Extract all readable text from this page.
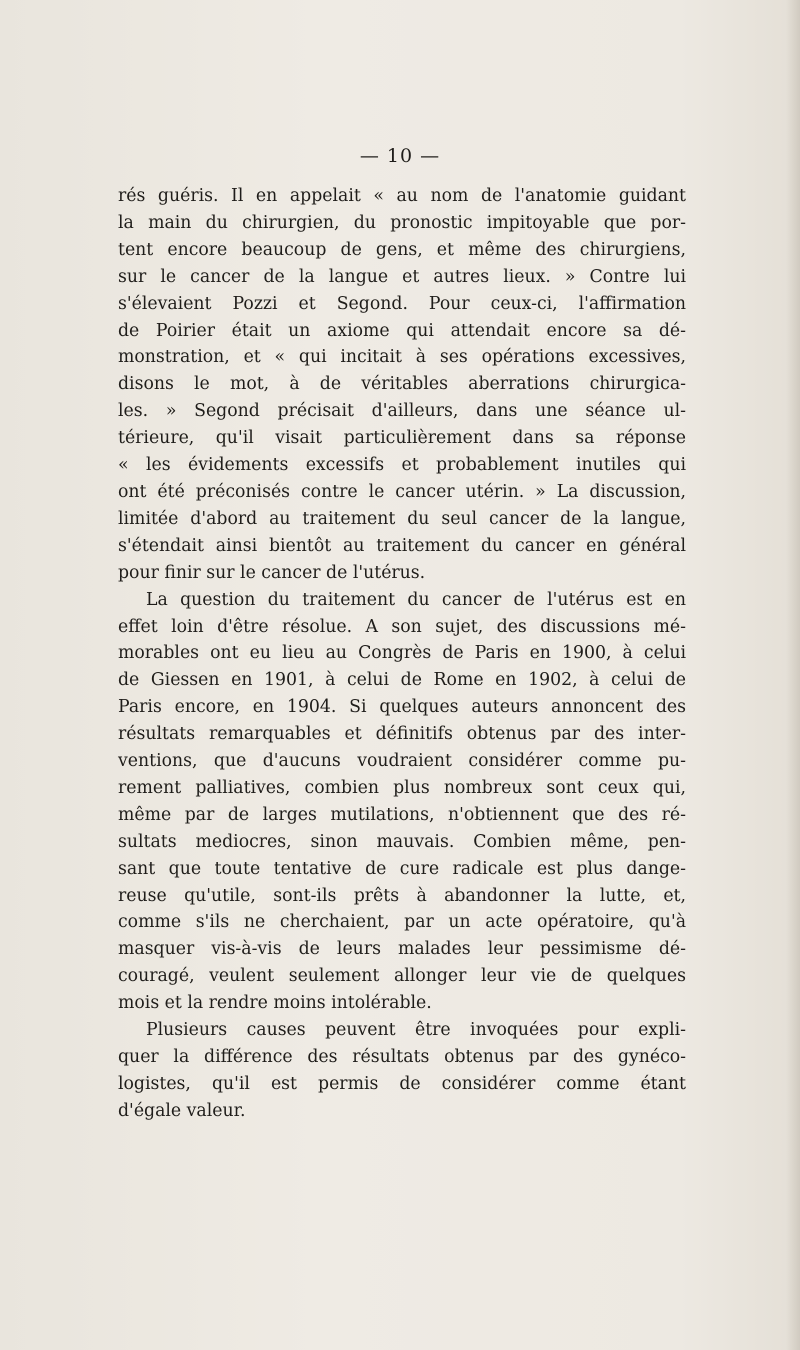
— 10 —
rés guéris. Il en appelait « au nom de l'anatomie guidant
la main du chirurgien, du pronostic impitoyable que por-
tent encore beaucoup de gens, et même des chirurgiens,
sur le cancer de la langue et autres lieux. » Contre lui
s'élevaient Pozzi et Segond. Pour ceux-ci, l'affirmation
de Poirier était un axiome qui attendait encore sa dé-
monstration, et « qui incitait à ses opérations excessives,
disons le mot, à de véritables aberrations chirurgica-
les. » Segond précisait d'ailleurs, dans une séance ul-
térieure, qu'il visait particulièrement dans sa réponse
« les évidements excessifs et probablement inutiles qui
ont été préconisés contre le cancer utérin. » La discussion,
limitée d'abord au traitement du seul cancer de la langue,
s'étendait ainsi bientôt au traitement du cancer en général
pour finir sur le cancer de l'utérus.
La question du traitement du cancer de l'utérus est en
effet loin d'être résolue. A son sujet, des discussions mé-
morables ont eu lieu au Congrès de Paris en 1900, à celui
de Giessen en 1901, à celui de Rome en 1902, à celui de
Paris encore, en 1904. Si quelques auteurs annoncent des
résultats remarquables et définitifs obtenus par des inter-
ventions, que d'aucuns voudraient considérer comme pu-
rement palliatives, combien plus nombreux sont ceux qui,
même par de larges mutilations, n'obtiennent que des ré-
sultats mediocres, sinon mauvais. Combien même, pen-
sant que toute tentative de cure radicale est plus dange-
reuse qu'utile, sont-ils prêts à abandonner la lutte, et,
comme s'ils ne cherchaient, par un acte opératoire, qu'à
masquer vis-à-vis de leurs malades leur pessimisme dé-
couragé, veulent seulement allonger leur vie de quelques
mois et la rendre moins intolérable.
Plusieurs causes peuvent être invoquées pour expli-
quer la différence des résultats obtenus par des gynéco-
logistes, qu'il est permis de considérer comme étant
d'égale valeur.
